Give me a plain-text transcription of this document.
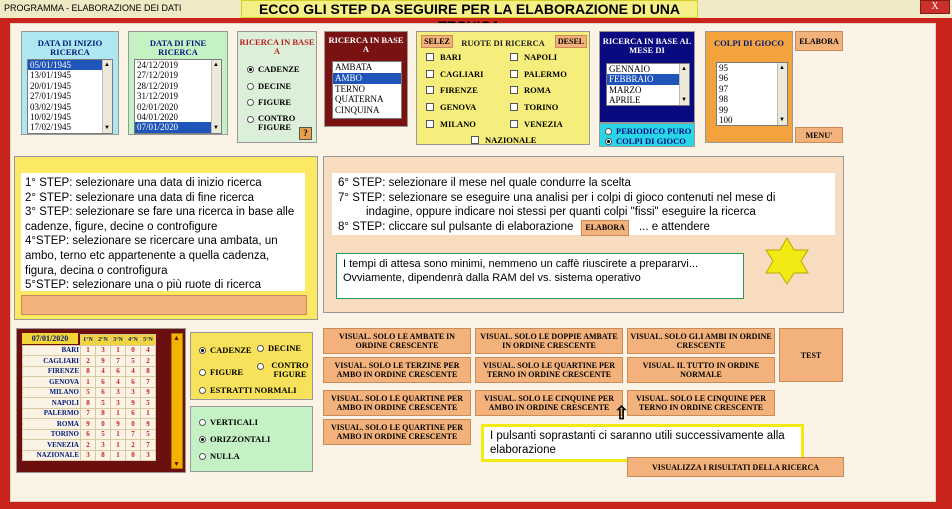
PROGRAMMA - ELABORAZIONE DEI DATI	ECCO GLI STEP DA SEGUIRE PER LA ELABORAZIONE DI UNA	X
DATA DI INIZIO RICERCA
05/01/1945
13/01/1945
20/01/1945
27/01/1945
03/02/1945
10/02/1945
17/02/1945
▲ ▼
DATA DI FINE RICERCA
24/12/2019
27/12/2019
28/12/2019
31/12/2019
02/01/2020
04/01/2020
07/01/2020
▲ ▼
RICERCA IN BASE A
CADENZE
DECINE
FIGURE
CONTRO FIGURE
?
RICERCA IN BASE A
AMBATA
AMBO
TERNO
QUATERNA
CINQUINA
SELEZ	RUOTE DI RICERCA	DESEL
BARI
CAGLIARI
FIRENZE
GENOVA
MILANO
NAPOLI
PALERMO
ROMA
TORINO
VENEZIA
NAZIONALE
RICERCA IN BASE AL MESE DI
GENNAIO
FEBBRAIO
MARZO
APRILE
▲ ▼
PERIODICO PURO
COLPI DI GIOCO
COLPI DI GIOCO
95
96
97
98
99
100
▲ ▼
ELABORA
MENU'
1° STEP: selezionare una data di inizio ricerca
2° STEP: selezionare una data di fine ricerca
3° STEP: selezionare se fare una ricerca in base alle cadenze, figure, decine o controfigure
4°STEP: selezionare se ricercare una ambata, un ambo, terno etc appartenente a quella cadenza, figura, decina o controfigura
5°STEP: selezionare una o più ruote di ricerca
6° STEP: selezionare il mese nel quale condurre la scelta
7° STEP: selezionare se eseguire una analisi per i colpi di gioco contenuti nel mese di
indagine, oppure indicare noi stessi per quanti colpi "fissi" eseguire la ricerca
8° STEP: cliccare sul pulsante di elaborazione	ELABORA	... e attendere
I tempi di attesa sono minimi, nemmeno un caffè riuscirete a prepararvi...
Ovviamente, dipendenrà dalla RAM del vs. sistema operativo
07/01/2020	▲
▼
	1°N	2°N	3°N	4°N	5°N
BARI	1	3	1	0	4
CAGLIARI	2	9	7	5	2
FIRENZE	8	4	6	4	8
GENOVA	1	6	4	6	7
MILANO	5	6	3	3	9
NAPOLI	8	5	3	9	5
PALERMO	7	8	1	6	1
ROMA	9	0	9	0	9
TORINO	6	5	1	7	5
VENEZIA	2	3	1	2	7
NAZIONALE	3	8	1	0	3
CADENZE DECINE
FIGURE
CONTRO FIGURE
ESTRATTI NORMALI
VERTICALI
ORIZZONTALI
NULLA
VISUAL. SOLO LE AMBATE IN ORDINE CRESCENTE
VISUAL. SOLO LE DOPPIE AMBATE IN ORDINE CRESCENTE
VISUAL. SOLO GLI AMBI IN ORDINE CRESCENTE
TEST
VISUAL. SOLO LE TERZINE PER AMBO IN ORDINE CRESCENTE
VISUAL. SOLO LE QUARTINE PER TERNO IN ORDINE CRESCENTE
VISUAL. IL TUTTO IN ORDINE NORMALE
VISUAL. SOLO LE QUARTINE PER AMBO IN ORDINE CRESCENTE
VISUAL. SOLO LE CINQUINE PER AMBO IN ORDINE CRESCENTE
VISUAL. SOLO LE CINQUINE PER TERNO IN ORDINE CRESCENTE
VISUAL. SOLO LE QUARTINE PER AMBO IN ORDINE CRESCENTE
⇧
I pulsanti soprastanti ci saranno utili successivamente alla elaborazione
VISUALIZZA I RISULTATI DELLA RICERCA
